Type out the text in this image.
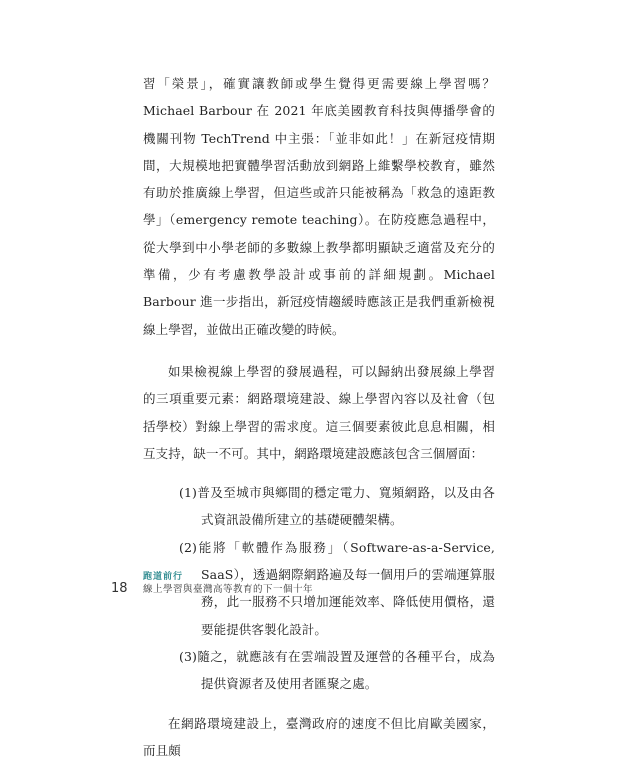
習「榮景」，確實讓教師或學生覺得更需要線上學習嗎？ Michael Barbour 在 2021 年底美國教育科技與傳播學會的機關刊物 TechTrend 中主張：「並非如此！」在新冠疫情期間，大規模地把實體學習活動放到網路上維繫學校教育，雖然有助於推廣線上學習，但這些或許只能被稱為「救急的遠距教學」（emergency remote teaching）。在防疫應急過程中，從大學到中小學老師的多數線上教學都明顯缺乏適當及充分的準備，少有考慮教學設計或事前的詳細規劃。Michael Barbour 進一步指出，新冠疫情趨緩時應該正是我們重新檢視線上學習，並做出正確改變的時候。

如果檢視線上學習的發展過程，可以歸納出發展線上學習的三項重要元素：網路環境建設、線上學習內容以及社會（包括學校）對線上學習的需求度。這三個要素彼此息息相關，相互支持，缺一不可。其中，網路環境建設應該包含三個層面：

(1)普及至城市與鄉間的穩定電力、寬頻網路，以及由各式資訊設備所建立的基礎硬體架構。

(2)能將「軟體作為服務」（Software-as-a-Service, SaaS），透過網際網路遍及每一個用戶的雲端運算服務，此一服務不只增加運能效率、降低使用價格，還要能提供客製化設計。

(3)隨之，就應該有在雲端設置及運營的各種平台，成為提供資源者及使用者匯聚之處。

在網路環境建設上，臺灣政府的速度不但比肩歐美國家，而且頗

18
跑道前行
線上學習與臺灣高等教育的下一個十年
